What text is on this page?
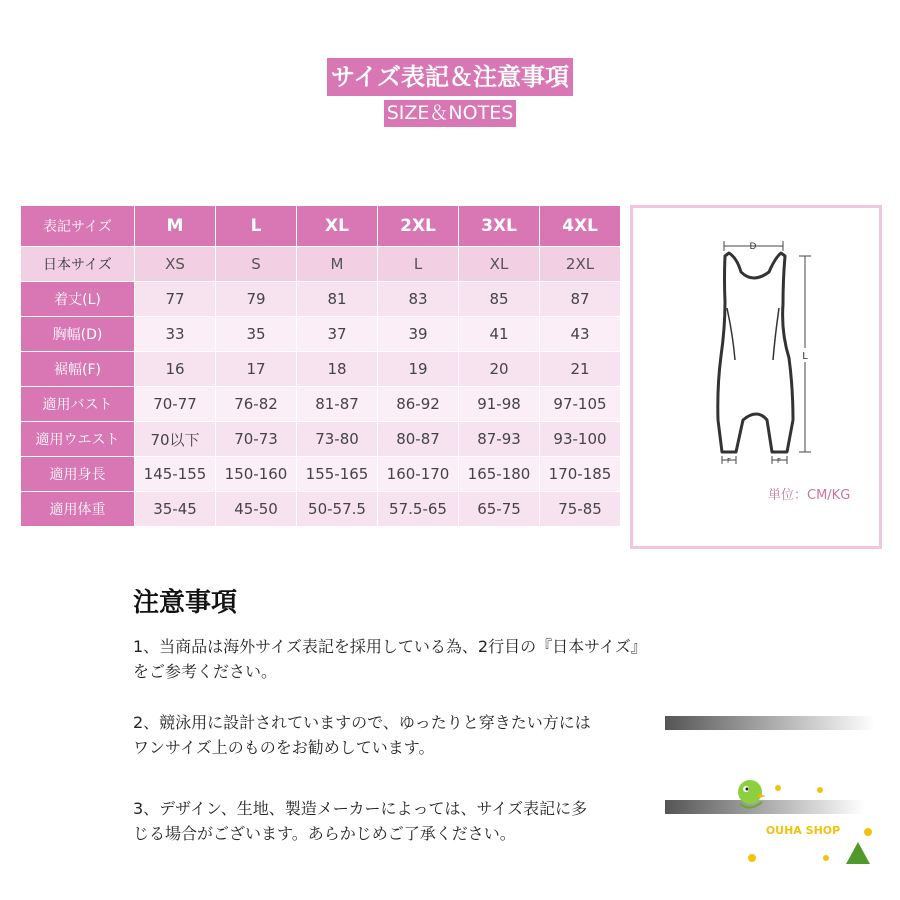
サイズ表記＆注意事項
SIZE＆NOTES
表記サイズ	M	L	XL	2XL	3XL	4XL
日本サイズ	XS	S	M	L	XL	2XL
着丈(L)	77	79	81	83	85	87
胸幅(D)	33	35	37	39	41	43
裾幅(F)	16	17	18	19	20	21
適用バスト	70-77	76-82	81-87	86-92	91-98	97-105
適用ウエスト	70以下	70-73	73-80	80-87	87-93	93-100
適用身長	145-155	150-160	155-165	160-170	165-180	170-185
適用体重	35-45	45-50	50-57.5	57.5-65	65-75	75-85
D
L
F	F
単位：CM/KG
注意事項
1、当商品は海外サイズ表記を採用している為、2行目の『日本サイズ』
をご参考ください。
2、競泳用に設計されていますので、ゆったりと穿きたい方には
ワンサイズ上のものをお勧めしています。
3、デザイン、生地、製造メーカーによっては、サイズ表記に多
じる場合がございます。あらかじめご了承ください。	OUHA SHOP
